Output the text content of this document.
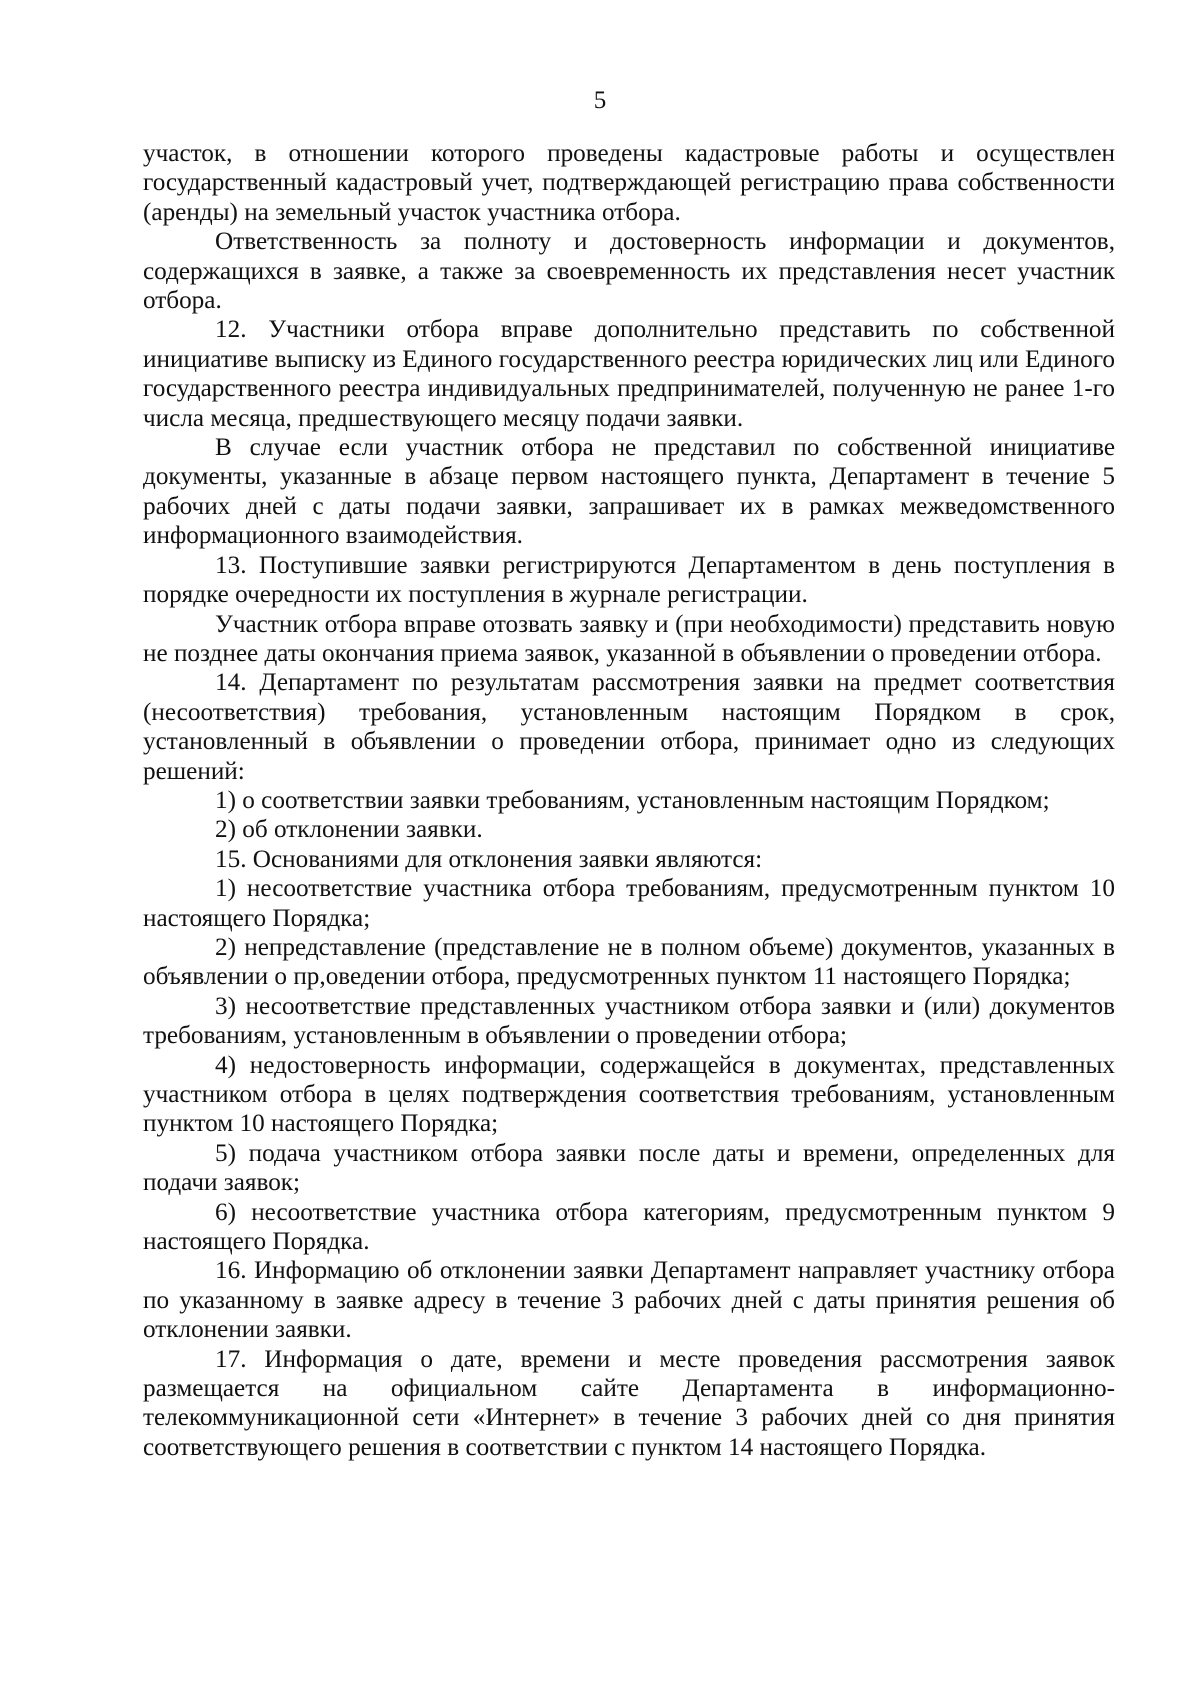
5

участок, в отношении которого проведены кадастровые работы и осуществлен государственный кадастровый учет, подтверждающей регистрацию права собственности (аренды) на земельный участок участника отбора.

Ответственность за полноту и достоверность информации и документов, содержащихся в заявке, а также за своевременность их представления несет участник отбора.

12. Участники отбора вправе дополнительно представить по собственной инициативе выписку из Единого государственного реестра юридических лиц или Единого государственного реестра индивидуальных предпринимателей, полученную не ранее 1-го числа месяца, предшествующего месяцу подачи заявки.

В случае если участник отбора не представил по собственной инициативе документы, указанные в абзаце первом настоящего пункта, Департамент в течение 5 рабочих дней с даты подачи заявки, запрашивает их в рамках межведомственного информационного взаимодействия.

13. Поступившие заявки регистрируются Департаментом в день поступления в порядке очередности их поступления в журнале регистрации.

Участник отбора вправе отозвать заявку и (при необходимости) представить новую не позднее даты окончания приема заявок, указанной в объявлении о проведении отбора.

14. Департамент по результатам рассмотрения заявки на предмет соответствия (несоответствия) требования, установленным настоящим Порядком в срок, установленный в объявлении о проведении отбора, принимает одно из следующих решений:

1) о соответствии заявки требованиям, установленным настоящим Порядком;

2) об отклонении заявки.

15. Основаниями для отклонения заявки являются:

1) несоответствие участника отбора требованиям, предусмотренным пунктом 10 настоящего Порядка;

2) непредставление (представление не в полном объеме) документов, указанных в объявлении о пр,оведении отбора, предусмотренных пунктом 11 настоящего Порядка;

3) несоответствие представленных участником отбора заявки и (или) документов требованиям, установленным в объявлении о проведении отбора;

4) недостоверность информации, содержащейся в документах, представленных участником отбора в целях подтверждения соответствия требованиям, установленным пунктом 10 настоящего Порядка;

5) подача участником отбора заявки после даты и времени, определенных для подачи заявок;

6) несоответствие участника отбора категориям, предусмотренным пунктом 9 настоящего Порядка.

16. Информацию об отклонении заявки Департамент направляет участнику отбора по указанному в заявке адресу в течение 3 рабочих дней с даты принятия решения об отклонении заявки.

17. Информация о дате, времени и месте проведения рассмотрения заявок размещается на официальном сайте Департамента в информационно-телекоммуникационной сети «Интернет» в течение 3 рабочих дней со дня принятия соответствующего решения в соответствии с пунктом 14 настоящего Порядка.
